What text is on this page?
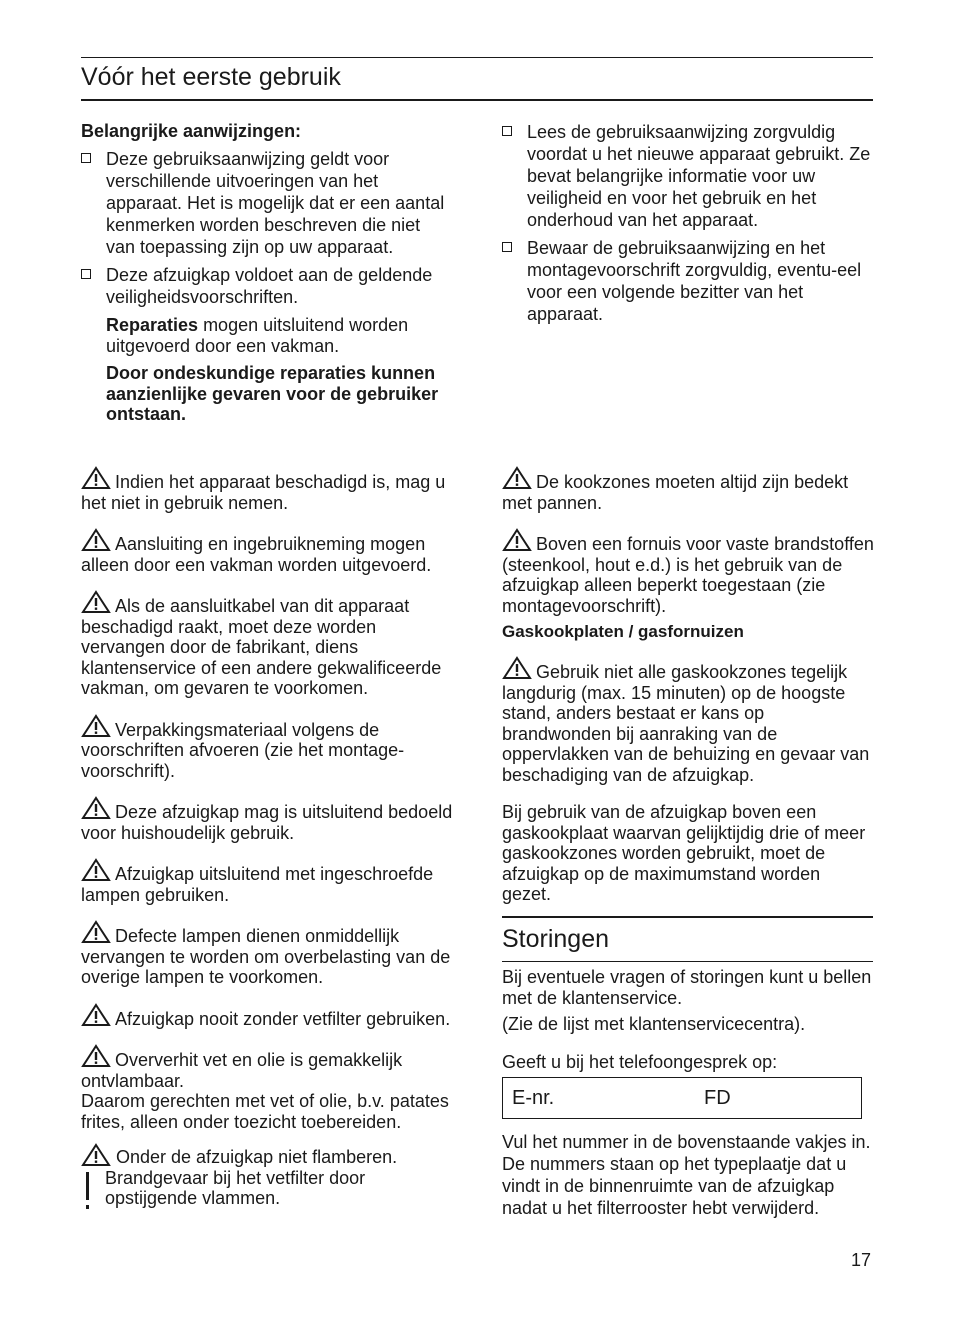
Vóór het eerste gebruik
Belangrijke aanwijzingen:

Deze gebruiksaanwijzing geldt voor verschillende uitvoeringen van het apparaat. Het is mogelijk dat er een aantal kenmerken worden beschreven die niet van toepassing zijn op uw apparaat.

Deze afzuigkap voldoet aan de geldende veiligheidsvoorschriften.

Reparaties mogen uitsluitend worden uitgevoerd door een vakman.

Door ondeskundige reparaties kunnen aanzienlijke gevaren voor de gebruiker ontstaan.

Lees de gebruiksaanwijzing zorgvuldig voordat u het nieuwe apparaat gebruikt. Ze bevat belangrijke informatie voor uw veiligheid en voor het gebruik en het onderhoud van het apparaat.

Bewaar de gebruiksaanwijzing en het montagevoorschrift zorgvuldig, eventu-eel voor een volgende bezitter van het apparaat.

Indien het apparaat beschadigd is, mag u het niet in gebruik nemen.

Aansluiting en ingebruikneming mogen alleen door een vakman worden uitgevoerd.

Als de aansluitkabel van dit apparaat beschadigd raakt, moet deze worden vervangen door de fabrikant, diens klantenservice of een andere gekwalificeerde vakman, om gevaren te voorkomen.

Verpakkingsmateriaal volgens de voorschriften afvoeren (zie het montage-voorschrift).

Deze afzuigkap mag is uitsluitend bedoeld voor huishoudelijk gebruik.

Afzuigkap uitsluitend met ingeschroefde lampen gebruiken.

Defecte lampen dienen onmiddellijk vervangen te worden om overbelasting van de overige lampen te voorkomen.

Afzuigkap nooit zonder vetfilter gebruiken.

Oververhit vet en olie is gemakkelijk ontvlambaar.
Daarom gerechten met vet of olie, b.v. patates frites, alleen onder toezicht toebereiden.

Onder de afzuigkap niet flamberen.

Brandgevaar bij het vetfilter door opstijgende vlammen.

De kookzones moeten altijd zijn bedekt met pannen.

Boven een fornuis voor vaste brandstoffen (steenkool, hout e.d.) is het gebruik van de afzuigkap alleen beperkt toegestaan (zie montagevoorschrift).

Gaskookplaten / gasfornuizen

Gebruik niet alle gaskookzones tegelijk langdurig (max. 15 minuten) op de hoogste stand, anders bestaat er kans op brandwonden bij aanraking van de oppervlakken van de behuizing en gevaar van beschadiging van de afzuigkap.

Bij gebruik van de afzuigkap boven een gaskookplaat waarvan gelijktijdig drie of meer gaskookzones worden gebruikt, moet de afzuigkap op de maximumstand worden gezet.

Storingen

Bij eventuele vragen of storingen kunt u bellen met de klantenservice.

(Zie de lijst met klantenservicecentra).

Geeft u bij het telefoongesprek op:

E-nr.	FD

Vul het nummer in de bovenstaande vakjes in. De nummers staan op het typeplaatje dat u vindt in de binnenruimte van de afzuigkap nadat u het filterrooster hebt verwijderd.

17
